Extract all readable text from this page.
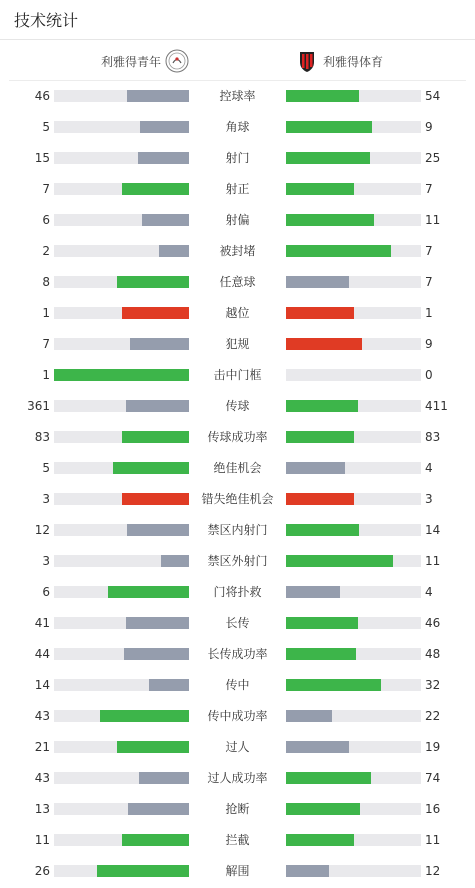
技术统计
利雅得青年	利雅得体育
46	控球率	54
5	角球	9
15	射门	25
7	射正	7
6	射偏	11
2	被封堵	7
8	任意球	7
1	越位	1
7	犯规	9
1	击中门框	0
361	传球	411
83	传球成功率	83
5	绝佳机会	4
3	错失绝佳机会	3
12	禁区内射门	14
3	禁区外射门	11
6	门将扑救	4
41	长传	46
44	长传成功率	48
14	传中	32
43	传中成功率	22
21	过人	19
43	过人成功率	74
13	抢断	16
11	拦截	11
26	解围	12
